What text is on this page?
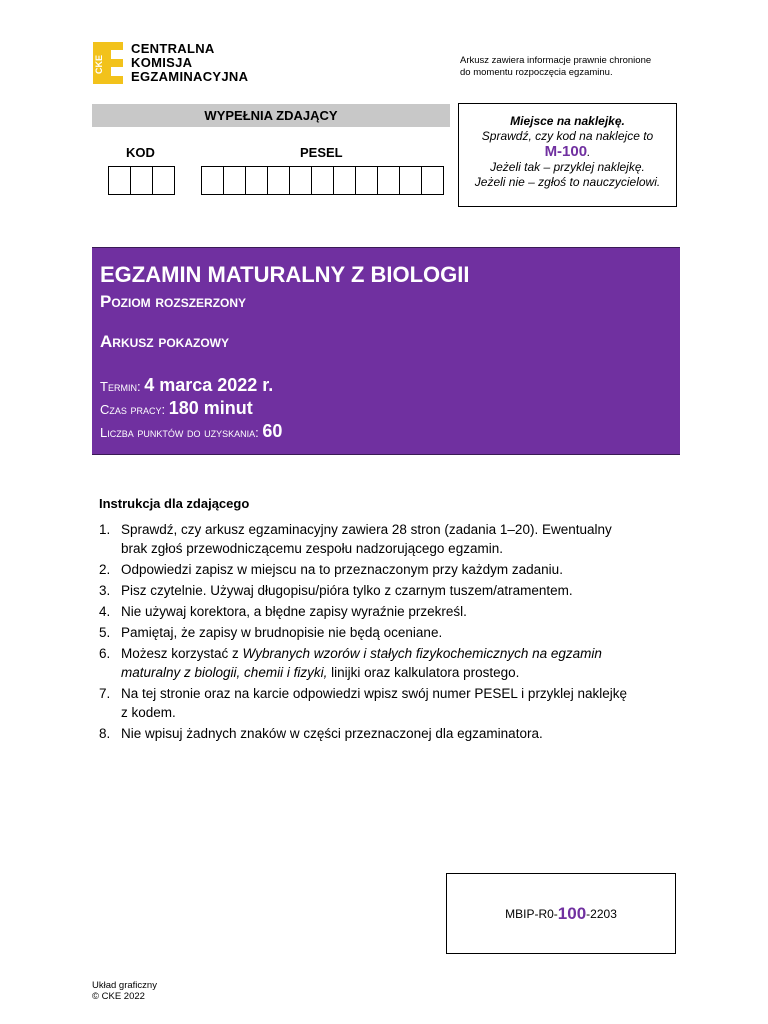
CKE
CENTRALNA
KOMISJA
EGZAMINACYJNA
Arkusz zawiera informacje prawnie chronione
do momentu rozpoczęcia egzaminu.
WYPEŁNIA ZDAJĄCY
KOD	PESEL
Miejsce na naklejkę.
Sprawdź, czy kod na naklejce to
M-100.
Jeżeli tak – przyklej naklejkę.
Jeżeli nie – zgłoś to nauczycielowi.
EGZAMIN MATURALNY Z BIOLOGII
Poziom rozszerzony
Arkusz pokazowy
Termin: 4 marca 2022 r.
Czas pracy: 180 minut
Liczba punktów do uzyskania: 60
Instrukcja dla zdającego
1. Sprawdź, czy arkusz egzaminacyjny zawiera 28 stron (zadania 1–20). Ewentualny
brak zgłoś przewodniczącemu zespołu nadzorującego egzamin.
2. Odpowiedzi zapisz w miejscu na to przeznaczonym przy każdym zadaniu.
3. Pisz czytelnie. Używaj długopisu/pióra tylko z czarnym tuszem/atramentem.
4. Nie używaj korektora, a błędne zapisy wyraźnie przekreśl.
5. Pamiętaj, że zapisy w brudnopisie nie będą oceniane.
6. Możesz korzystać z Wybranych wzorów i stałych fizykochemicznych na egzamin
maturalny z biologii, chemii i fizyki, linijki oraz kalkulatora prostego.
7. Na tej stronie oraz na karcie odpowiedzi wpisz swój numer PESEL i przyklej naklejkę
z kodem.
8. Nie wpisuj żadnych znaków w części przeznaczonej dla egzaminatora.
MBIP-R0- 100 -2203
Układ graficzny
© CKE 2022
